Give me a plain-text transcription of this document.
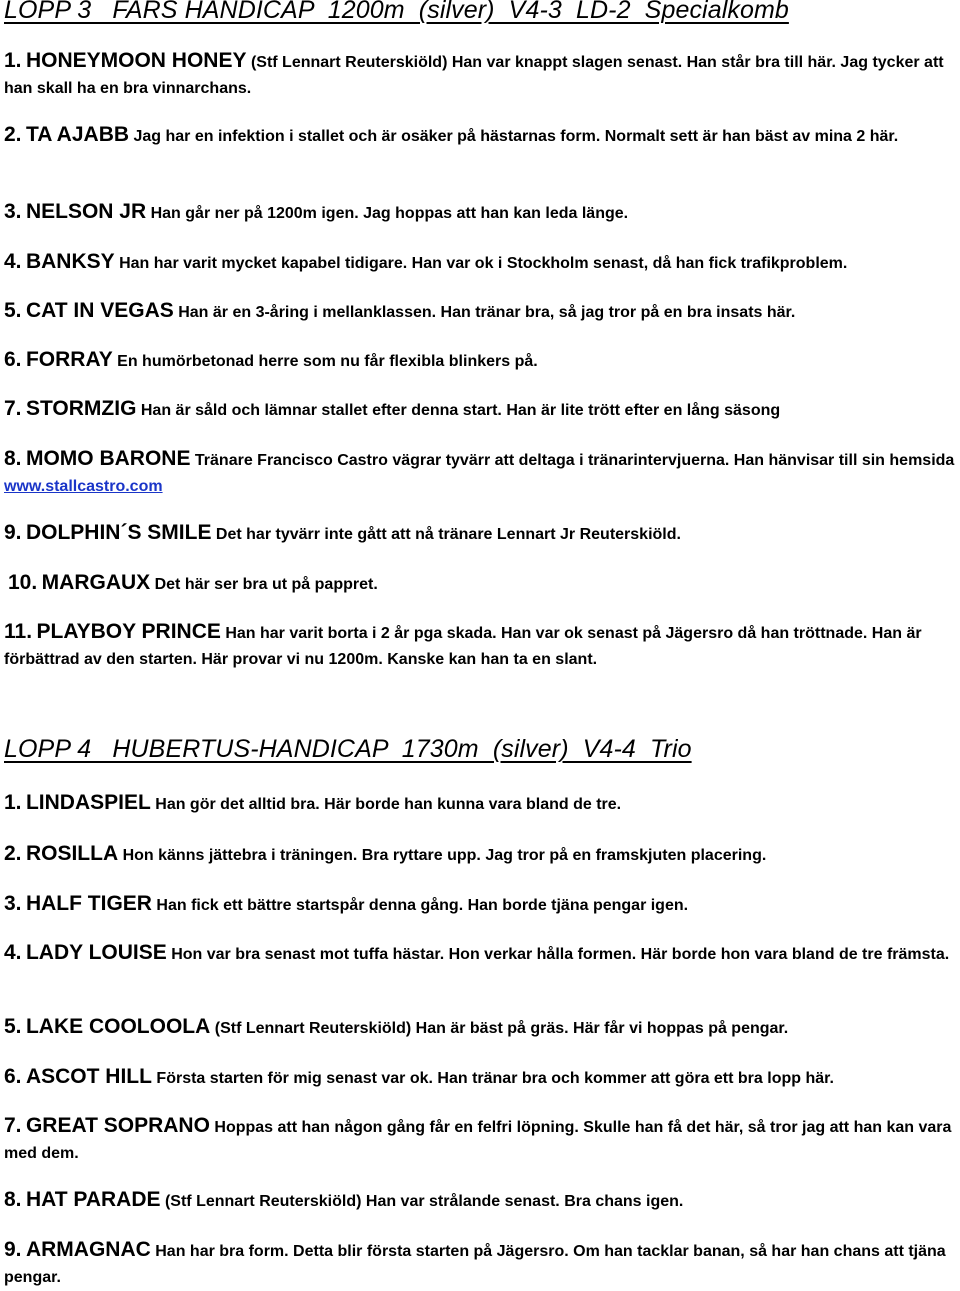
LOPP 3   FARS HANDICAP  1200m  (silver)  V4-3  LD-2  Specialkomb
1. HONEYMOON HONEY (Stf Lennart Reuterskiöld) Han var knappt slagen senast. Han står bra till här. Jag tycker att han skall ha en bra vinnarchans.
2. TA AJABB Jag har en infektion i stallet och är osäker på hästarnas form. Normalt sett är han bäst av mina 2 här.
3. NELSON JR Han går ner på 1200m igen. Jag hoppas att han kan leda länge.
4. BANKSY Han har varit mycket kapabel tidigare. Han var ok i Stockholm senast, då han fick trafikproblem.
5. CAT IN VEGAS Han är en 3-åring i mellanklassen. Han tränar bra, så jag tror på en bra insats här.
6. FORRAY En humörbetonad herre som nu får flexibla blinkers på.
7. STORMZIG Han är såld och lämnar stallet efter denna start. Han är lite trött efter en lång säsong
8. MOMO BARONE Tränare Francisco Castro vägrar tyvärr att deltaga i tränarintervjuerna. Han hänvisar till sin hemsida www.stallcastro.com
9. DOLPHIN´S SMILE Det har tyvärr inte gått att nå tränare Lennart Jr Reuterskiöld.
10. MARGAUX Det här ser bra ut på pappret.
11. PLAYBOY PRINCE Han har varit borta i 2 år pga skada. Han var ok senast på Jägersro då han tröttnade. Han är förbättrad av den starten. Här provar vi nu 1200m. Kanske kan han ta en slant.
LOPP 4   HUBERTUS-HANDICAP  1730m  (silver)  V4-4  Trio
1. LINDASPIEL Han gör det alltid bra. Här borde han kunna vara bland de tre.
2. ROSILLA Hon känns jättebra i träningen. Bra ryttare upp. Jag tror på en framskjuten placering.
3. HALF TIGER Han fick ett bättre startspår denna gång. Han borde tjäna pengar igen.
4. LADY LOUISE Hon var bra senast mot tuffa hästar. Hon verkar hålla formen. Här borde hon vara bland de tre främsta.
5. LAKE COOLOOLA (Stf Lennart Reuterskiöld) Han är bäst på gräs. Här får vi hoppas på pengar.
6. ASCOT HILL Första starten för mig senast var ok. Han tränar bra och kommer att göra ett bra lopp här.
7. GREAT SOPRANO Hoppas att han någon gång får en felfri löpning. Skulle han få det här, så tror jag att han kan vara med dem.
8. HAT PARADE (Stf Lennart Reuterskiöld) Han var strålande senast. Bra chans igen.
9. ARMAGNAC Han har bra form. Detta blir första starten på Jägersro. Om han tacklar banan, så har han chans att tjäna pengar.
